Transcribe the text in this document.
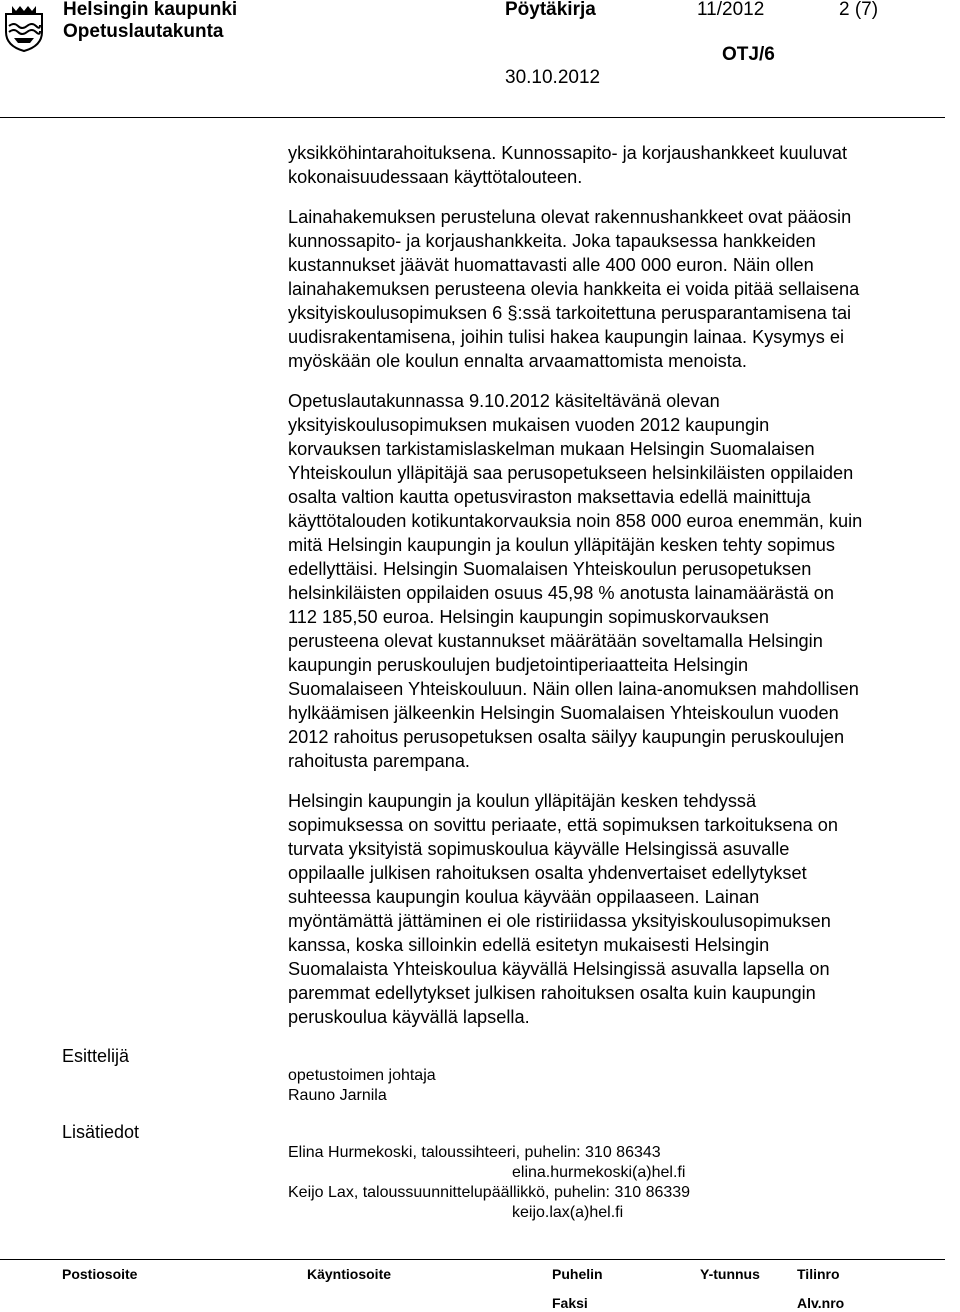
Helsingin kaupunki
Opetuslautakunta
Pöytäkirja	11/2012	2 (7)
OTJ/6
30.10.2012
yksikköhintarahoituksena. Kunnossapito- ja korjaushankkeet kuuluvat
kokonaisuudessaan käyttötalouteen.
Lainahakemuksen perusteluna olevat rakennushankkeet ovat pääosin
kunnossapito- ja korjaushankkeita. Joka tapauksessa hankkeiden
kustannukset jäävät huomattavasti alle 400 000 euron. Näin ollen
lainahakemuksen perusteena olevia hankkeita ei voida pitää sellaisena
yksityiskoulusopimuksen 6 §:ssä tarkoitettuna perusparantamisena tai
uudisrakentamisena, joihin tulisi hakea kaupungin lainaa. Kysymys ei
myöskään ole koulun ennalta arvaamattomista menoista.
Opetuslautakunnassa 9.10.2012 käsiteltävänä olevan
yksityiskoulusopimuksen mukaisen vuoden 2012 kaupungin
korvauksen tarkistamislaskelman mukaan Helsingin Suomalaisen
Yhteiskoulun ylläpitäjä saa perusopetukseen helsinkiläisten oppilaiden
osalta valtion kautta opetusviraston maksettavia edellä mainittuja
käyttötalouden kotikuntakorvauksia noin 858 000 euroa enemmän, kuin
mitä Helsingin kaupungin ja koulun ylläpitäjän kesken tehty sopimus
edellyttäisi. Helsingin Suomalaisen Yhteiskoulun perusopetuksen
helsinkiläisten oppilaiden osuus 45,98 % anotusta lainamäärästä on
112 185,50 euroa. Helsingin kaupungin sopimuskorvauksen
perusteena olevat kustannukset määrätään soveltamalla Helsingin
kaupungin peruskoulujen budjetointiperiaatteita Helsingin
Suomalaiseen Yhteiskouluun. Näin ollen laina-anomuksen mahdollisen
hylkäämisen jälkeenkin Helsingin Suomalaisen Yhteiskoulun vuoden
2012 rahoitus perusopetuksen osalta säilyy kaupungin peruskoulujen
rahoitusta parempana.
Helsingin kaupungin ja koulun ylläpitäjän kesken tehdyssä
sopimuksessa on sovittu periaate, että sopimuksen tarkoituksena on
turvata yksityistä sopimuskoulua käyvälle Helsingissä asuvalle
oppilaalle julkisen rahoituksen osalta yhdenvertaiset edellytykset
suhteessa kaupungin koulua käyvään oppilaaseen. Lainan
myöntämättä jättäminen ei ole ristiriidassa yksityiskoulusopimuksen
kanssa, koska silloinkin edellä esitetyn mukaisesti Helsingin
Suomalaista Yhteiskoulua käyvällä Helsingissä asuvalla lapsella on
paremmat edellytykset julkisen rahoituksen osalta kuin kaupungin
peruskoulua käyvällä lapsella.
Esittelijä
opetustoimen johtaja
Rauno Jarnila
Lisätiedot
Elina Hurmekoski, taloussihteeri, puhelin: 310 86343
elina.hurmekoski(a)hel.fi
Keijo Lax, taloussuunnittelupäällikkö, puhelin: 310 86339
keijo.lax(a)hel.fi
Postiosoite	Käyntiosoite	Puhelin	Y-tunnus	Tilinro
Faksi	Alv.nro
